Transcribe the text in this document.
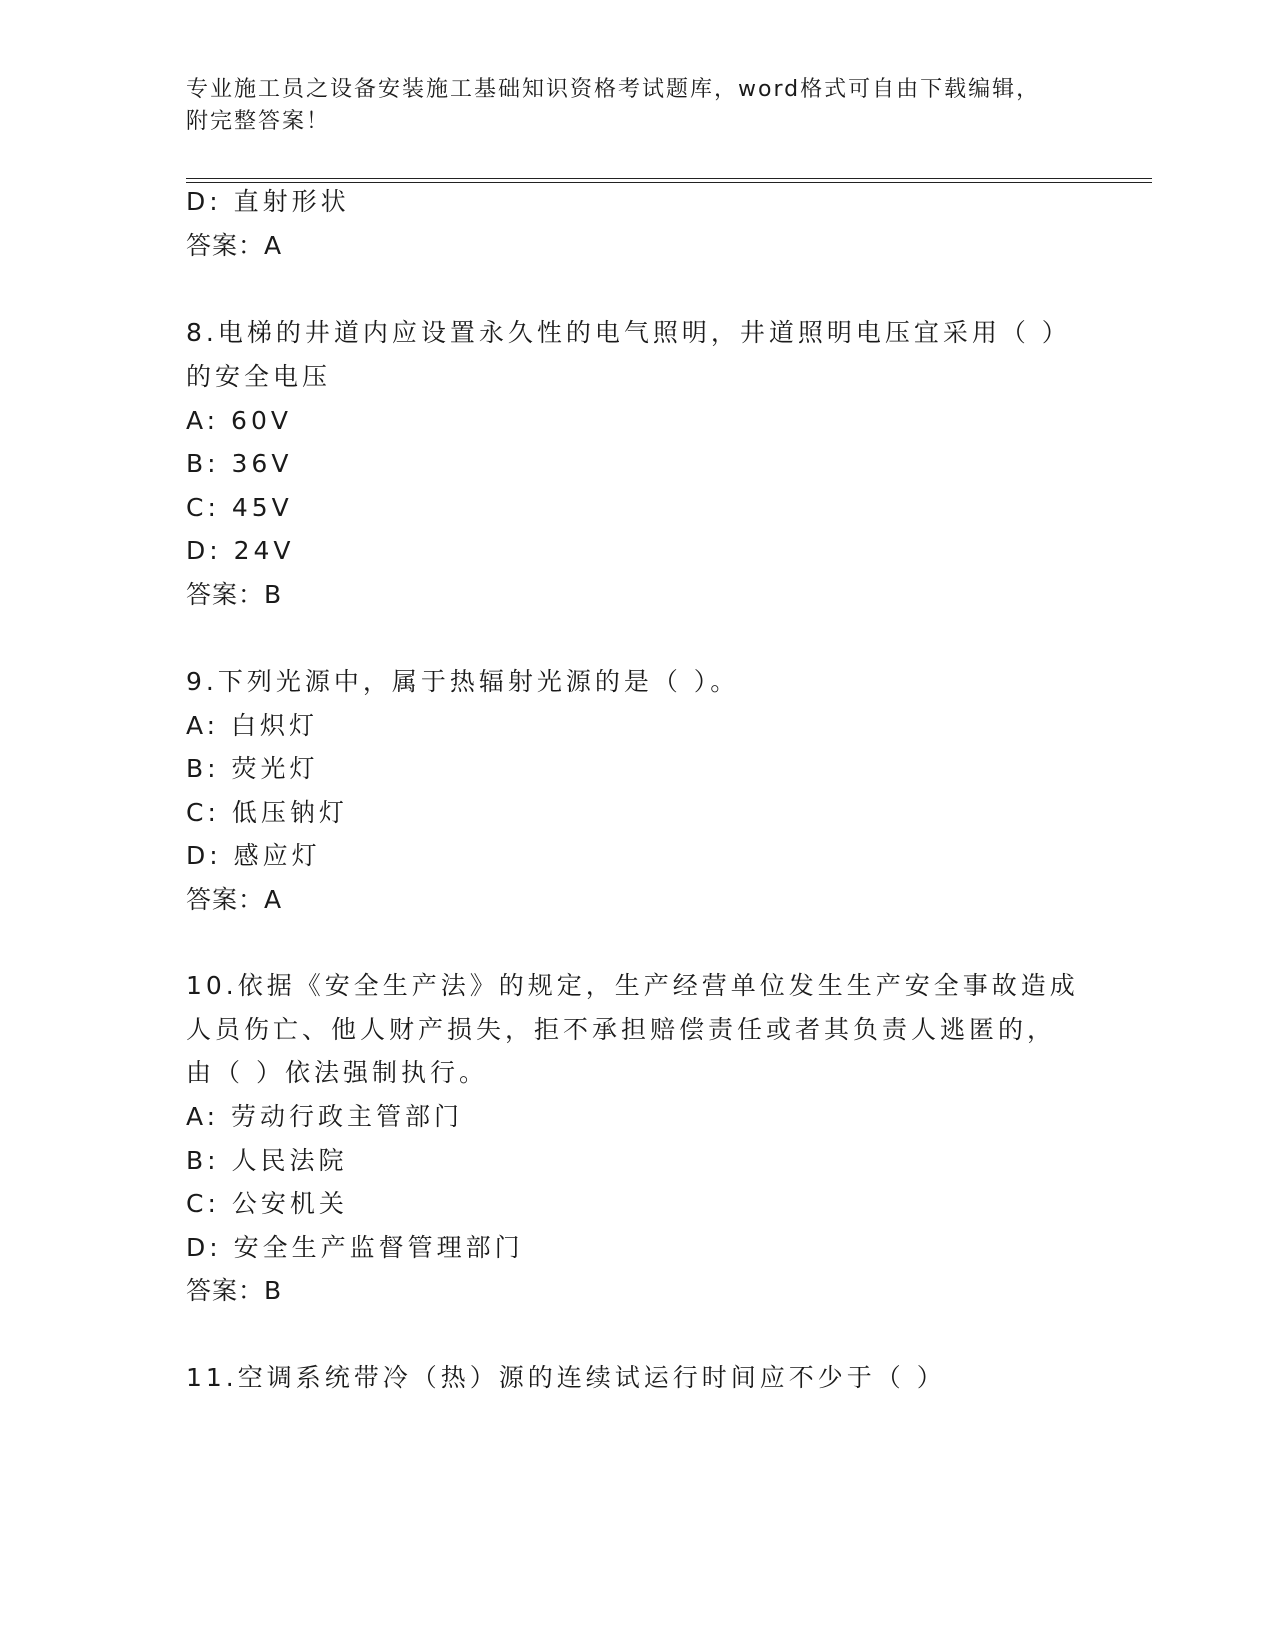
专业施工员之设备安装施工基础知识资格考试题库，word格式可自由下载编辑，
附完整答案！
D: 直射形状
答案：A
8.电梯的井道内应设置永久性的电气照明，井道照明电压宜采用（ ）
的安全电压
A: 60V
B: 36V
C: 45V
D: 24V
答案：B
9.下列光源中，属于热辐射光源的是（ ）。
A: 白炽灯
B: 荧光灯
C: 低压钠灯
D: 感应灯
答案：A
10.依据《安全生产法》的规定，生产经营单位发生生产安全事故造成
人员伤亡、他人财产损失，拒不承担赔偿责任或者其负责人逃匿的，
由（ ）依法强制执行。
A: 劳动行政主管部门
B: 人民法院
C: 公安机关
D: 安全生产监督管理部门
答案：B
11.空调系统带冷（热）源的连续试运行时间应不少于（ ）
